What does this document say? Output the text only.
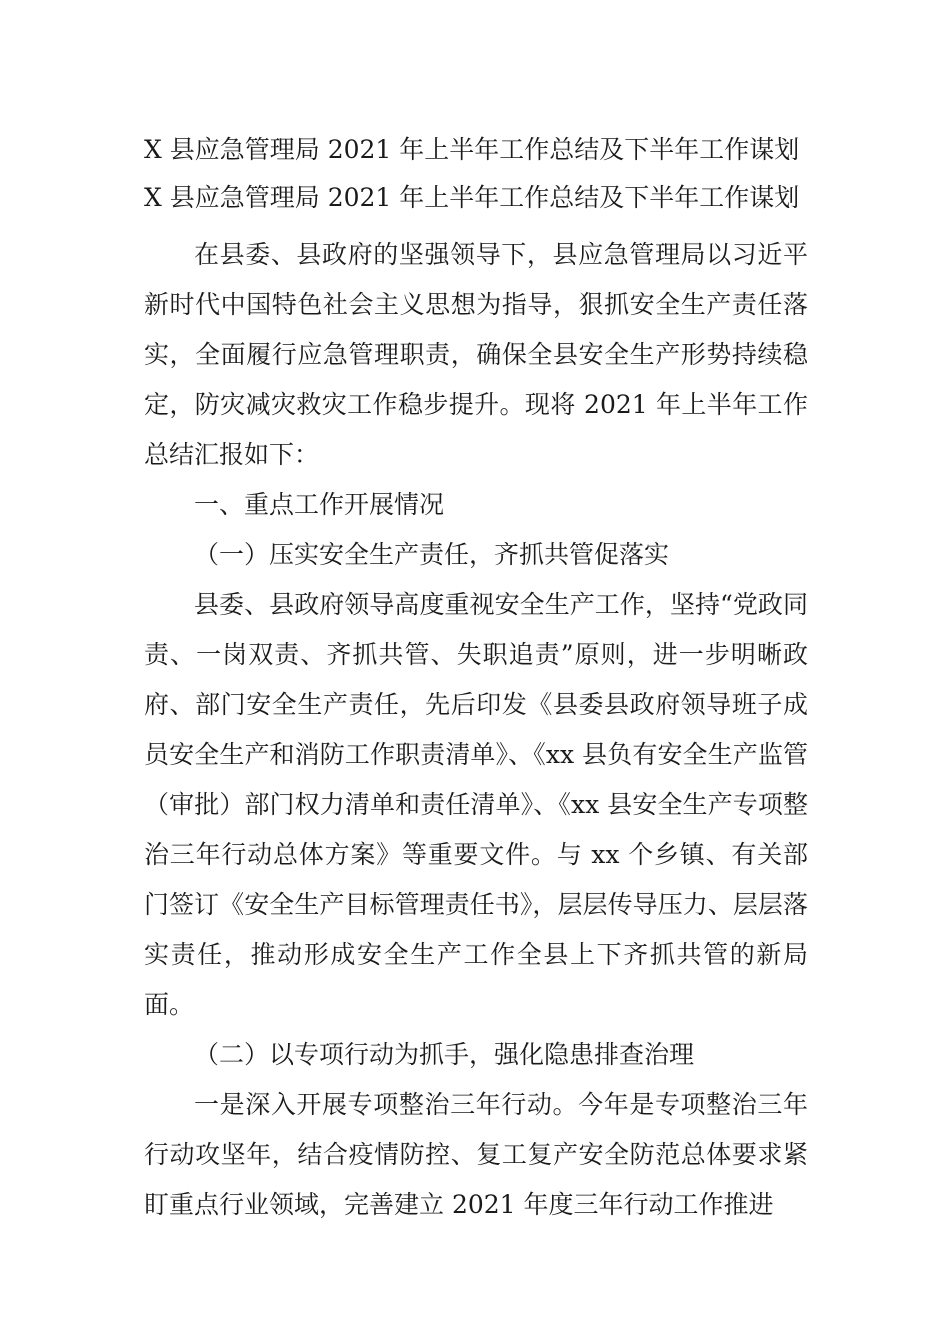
X 县应急管理局 2021 年上半年工作总结及下半年工作谋划
X 县应急管理局 2021 年上半年工作总结及下半年工作谋划

在县委、县政府的坚强领导下，县应急管理局以习近平新时代中国特色社会主义思想为指导，狠抓安全生产责任落实，全面履行应急管理职责，确保全县安全生产形势持续稳定，防灾减灾救灾工作稳步提升。现将 2021 年上半年工作总结汇报如下：

一、重点工作开展情况

（一）压实安全生产责任，齐抓共管促落实

县委、县政府领导高度重视安全生产工作，坚持“党政同责、一岗双责、齐抓共管、失职追责”原则，进一步明晰政府、部门安全生产责任，先后印发《县委县政府领导班子成员安全生产和消防工作职责清单》、《xx 县负有安全生产监管（审批）部门权力清单和责任清单》、《xx 县安全生产专项整治三年行动总体方案》等重要文件。与 xx 个乡镇、有关部门签订《安全生产目标管理责任书》，层层传导压力、层层落实责任，推动形成安全生产工作全县上下齐抓共管的新局面。

（二）以专项行动为抓手，强化隐患排查治理

一是深入开展专项整治三年行动。今年是专项整治三年行动攻坚年，结合疫情防控、复工复产安全防范总体要求紧盯重点行业领域，完善建立 2021 年度三年行动工作推进
